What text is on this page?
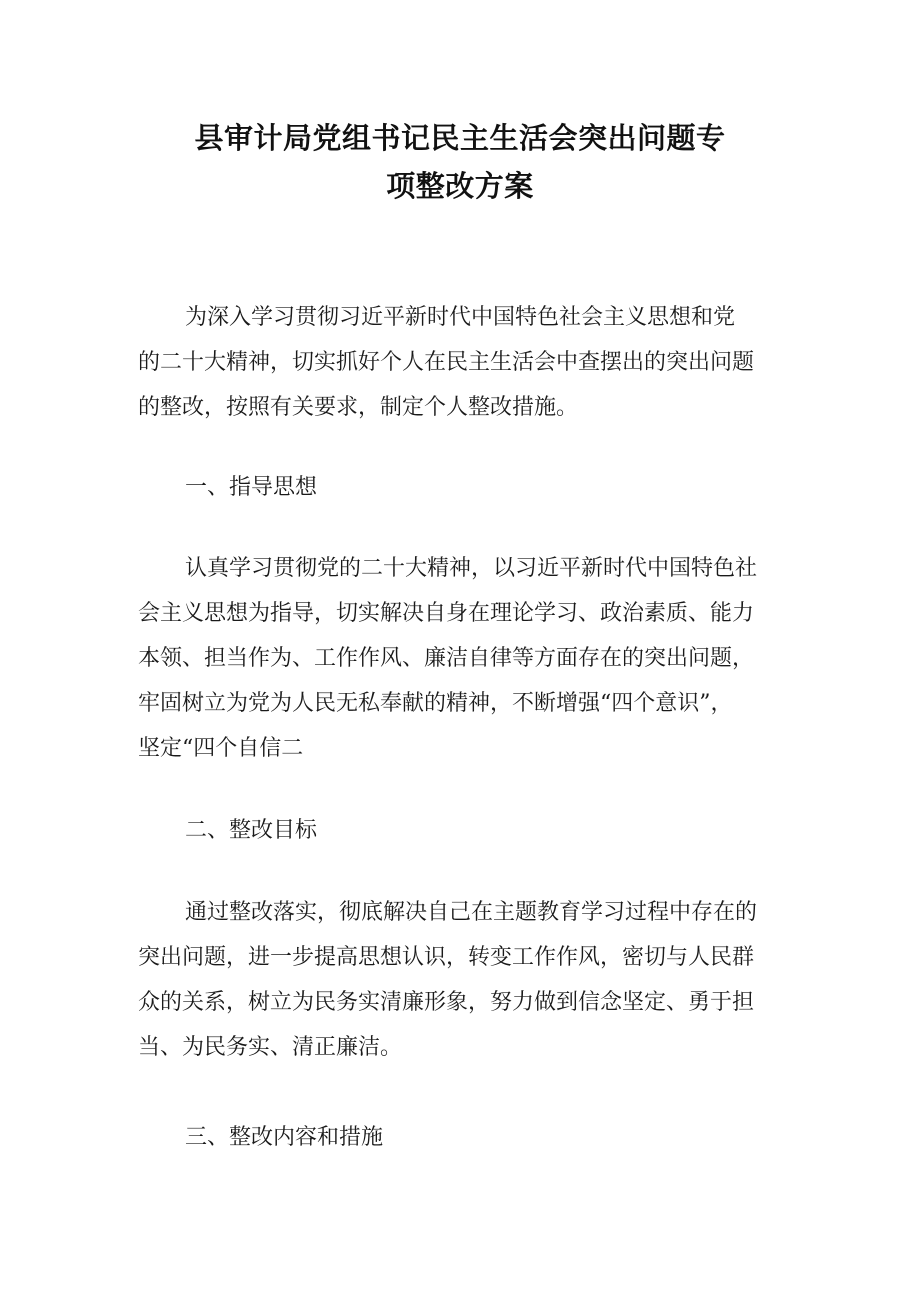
县审计局党组书记民主生活会突出问题专
项整改方案
为深入学习贯彻习近平新时代中国特色社会主义思想和党
的二十大精神，切实抓好个人在民主生活会中查摆出的突出问题
的整改，按照有关要求，制定个人整改措施。
一、指导思想
认真学习贯彻党的二十大精神，以习近平新时代中国特色社
会主义思想为指导，切实解决自身在理论学习、政治素质、能力
本领、担当作为、工作作风、廉洁自律等方面存在的突出问题，
牢固树立为党为人民无私奉献的精神，不断增强“四个意识”，
坚定“四个自信二
二、整改目标
通过整改落实，彻底解决自己在主题教育学习过程中存在的
突出问题，进一步提高思想认识，转变工作作风，密切与人民群
众的关系，树立为民务实清廉形象，努力做到信念坚定、勇于担
当、为民务实、清正廉洁。
三、整改内容和措施
